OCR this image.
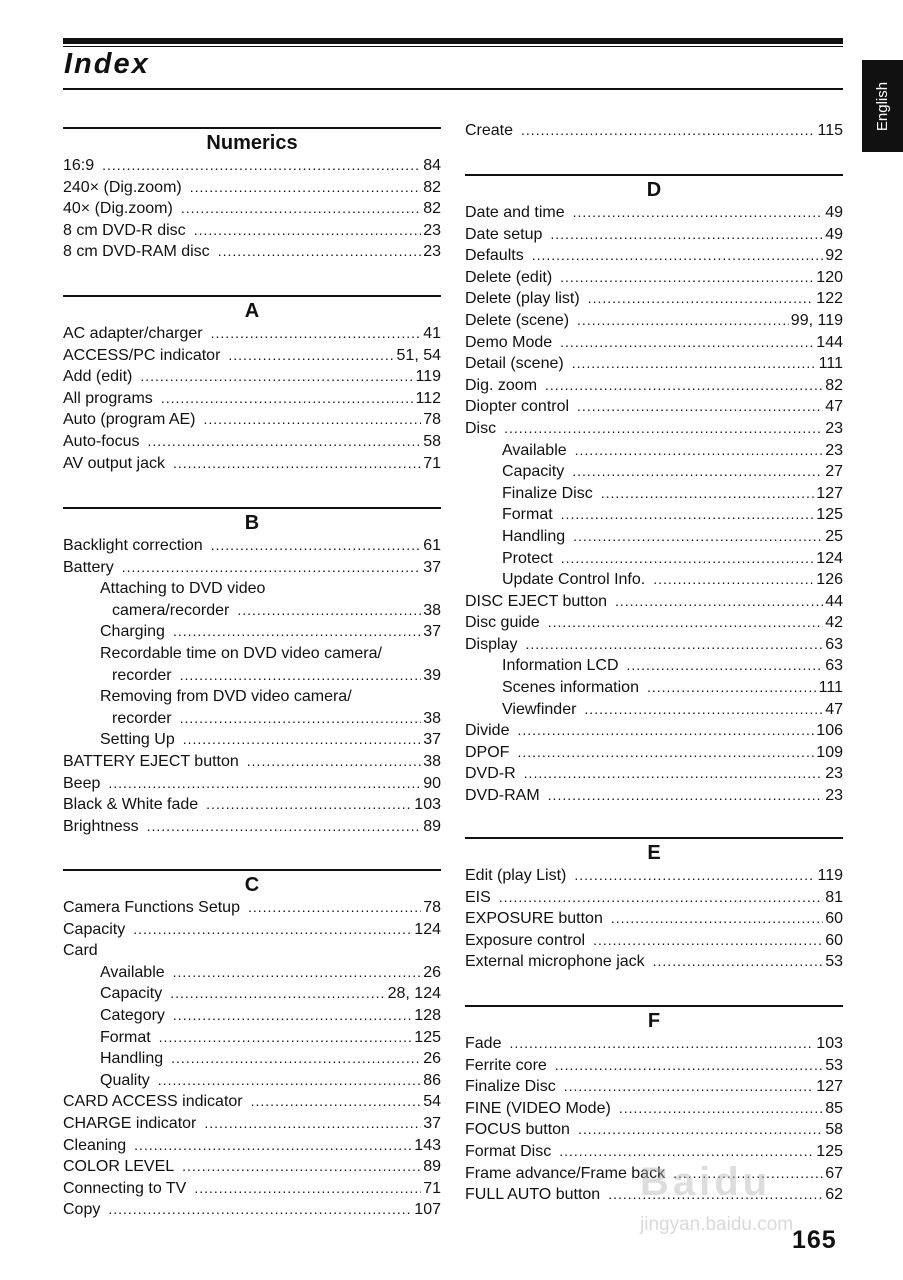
Index
English
Numerics
16:9 .....	84
240× (Dig.zoom) .....	82
40× (Dig.zoom) .....	82
8 cm DVD-R disc .....	23
8 cm DVD-RAM disc .....	23
A
AC adapter/charger .....	41
ACCESS/PC indicator .....	51, 54
Add (edit) .....	119
All programs .....	112
Auto (program AE) .....	78
Auto-focus .....	58
AV output jack .....	71
B
Backlight correction .....	61
Battery .....	37
Attaching to DVD video
camera/recorder .....	38
Charging .....	37
Recordable time on DVD video camera/
recorder .....	39
Removing from DVD video camera/
recorder .....	38
Setting Up .....	37
BATTERY EJECT button .....	38
Beep .....	90
Black & White fade .....	103
Brightness .....	89
C
Camera Functions Setup .....	78
Capacity .....	124
Card
Available .....	26
Capacity .....	28, 124
Category .....	128
Format .....	125
Handling .....	26
Quality .....	86
CARD ACCESS indicator .....	54
CHARGE indicator .....	37
Cleaning .....	143
COLOR LEVEL .....	89
Connecting to TV .....	71
Copy .....	107
Create .....	115
D
Date and time .....	49
Date setup .....	49
Defaults .....	92
Delete (edit) .....	120
Delete (play list) .....	122
Delete (scene) .....	99, 119
Demo Mode .....	144
Detail (scene) .....	111
Dig. zoom .....	82
Diopter control .....	47
Disc .....	23
Available .....	23
Capacity .....	27
Finalize Disc .....	127
Format .....	125
Handling .....	25
Protect .....	124
Update Control Info. .....	126
DISC EJECT button .....	44
Disc guide .....	42
Display .....	63
Information LCD .....	63
Scenes information .....	111
Viewfinder .....	47
Divide .....	106
DPOF .....	109
DVD-R .....	23
DVD-RAM .....	23
E
Edit (play List) .....	119
EIS .....	81
EXPOSURE button .....	60
Exposure control .....	60
External microphone jack .....	53
F
Fade .....	103
Ferrite core .....	53
Finalize Disc .....	127
FINE (VIDEO Mode) .....	85
FOCUS button .....	58
Format Disc .....	125
Frame advance/Frame back .....	67
FULL AUTO button .....	62
Baidu
jingyan.baidu.com
165
